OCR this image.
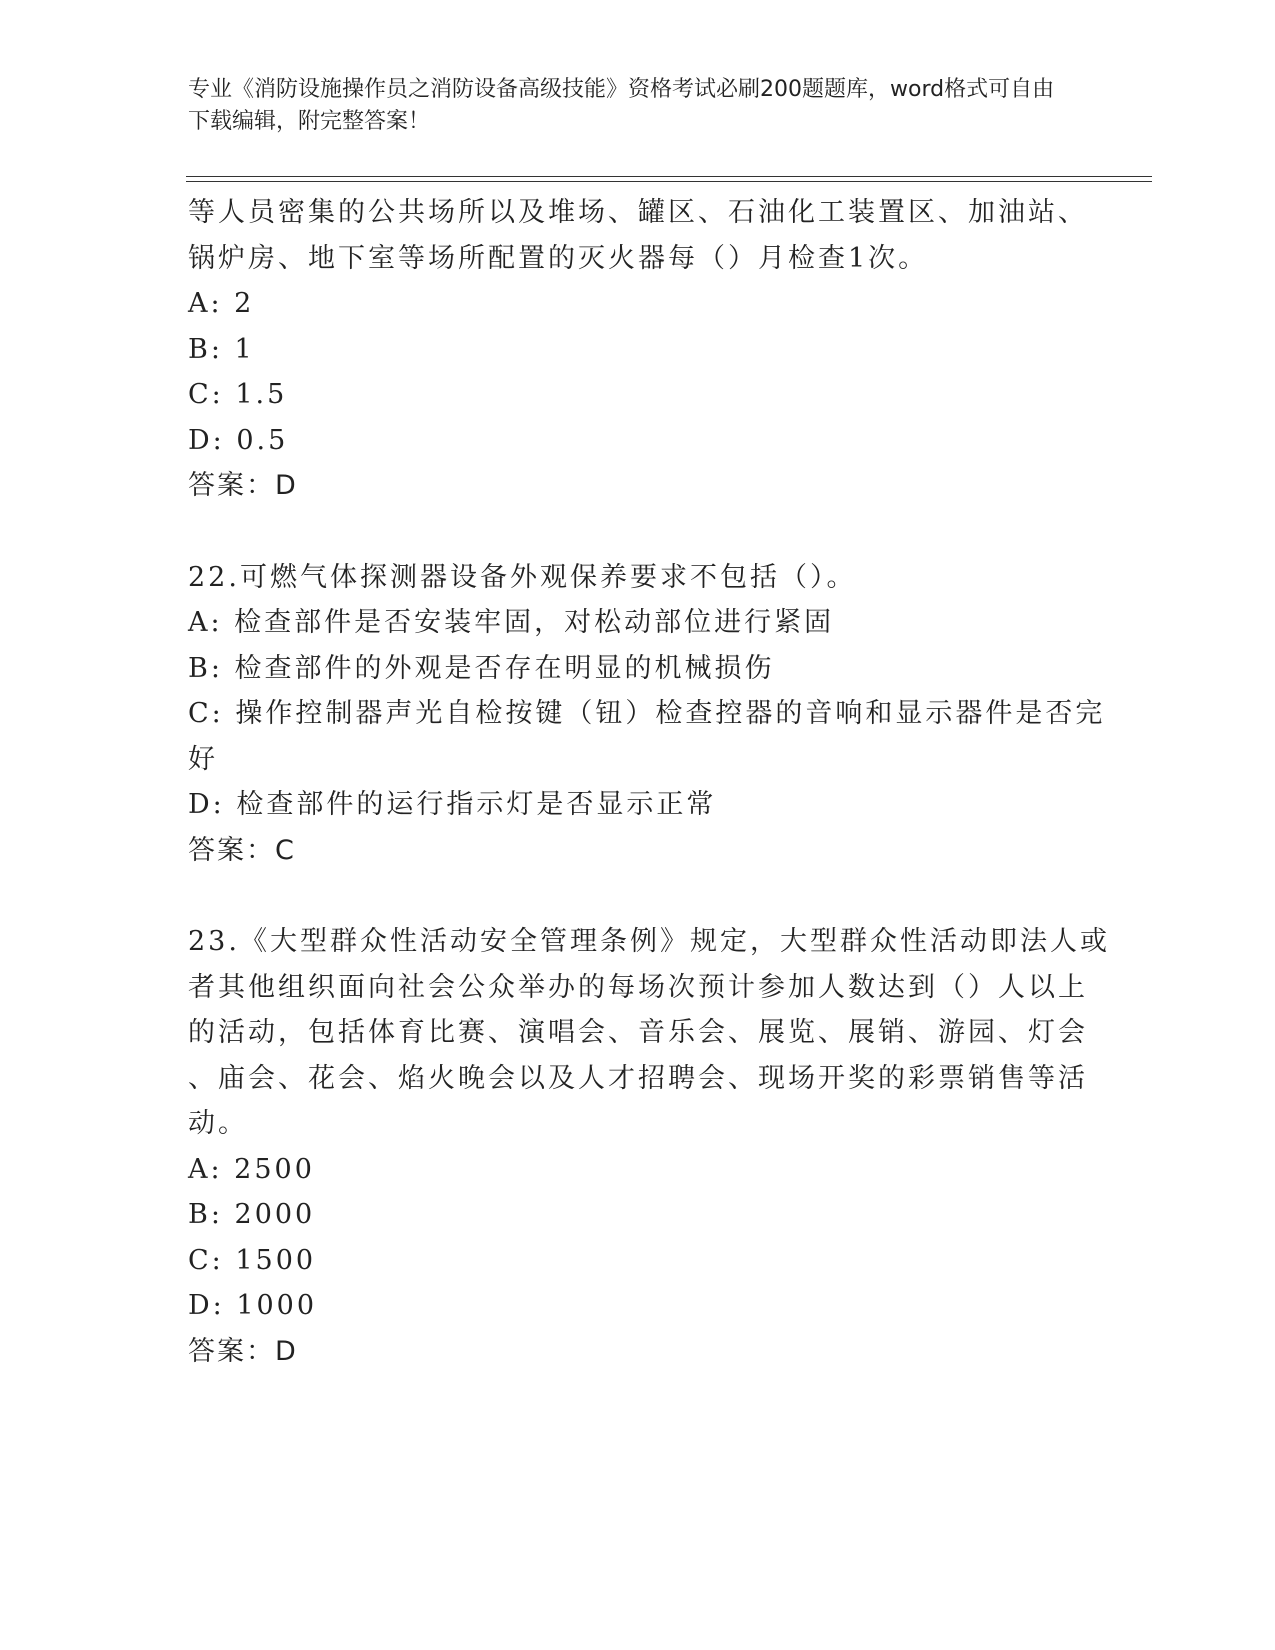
专业《消防设施操作员之消防设备高级技能》资格考试必刷200题题库，word格式可自由下载编辑，附完整答案！
等人员密集的公共场所以及堆场、罐区、石油化工装置区、加油站、
锅炉房、地下室等场所配置的灭火器每（）月检查1次。
A: 2
B: 1
C: 1.5
D: 0.5
答案：D
22.可燃气体探测器设备外观保养要求不包括（）。
A: 检查部件是否安装牢固，对松动部位进行紧固
B: 检查部件的外观是否存在明显的机械损伤
C: 操作控制器声光自检按键（钮）检查控器的音响和显示器件是否完
好
D: 检查部件的运行指示灯是否显示正常
答案：C
23.《大型群众性活动安全管理条例》规定，大型群众性活动即法人或
者其他组织面向社会公众举办的每场次预计参加人数达到（）人以上
的活动，包括体育比赛、演唱会、音乐会、展览、展销、游园、灯会
、庙会、花会、焰火晚会以及人才招聘会、现场开奖的彩票销售等活
动。
A: 2500
B: 2000
C: 1500
D: 1000
答案：D
